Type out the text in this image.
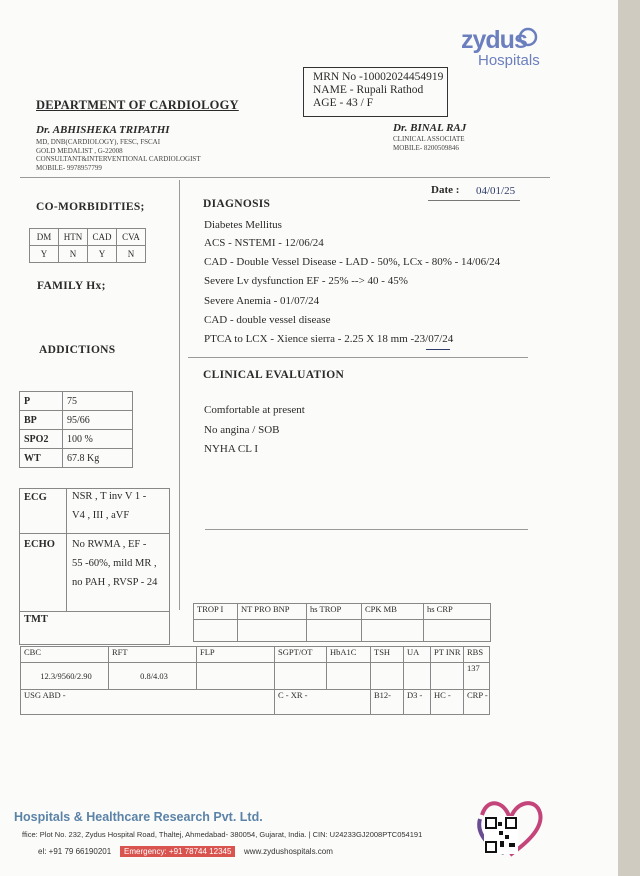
zydus
Hospitals
MRN No -10002024454919
NAME - Rupali Rathod
AGE - 43 / F
DEPARTMENT OF CARDIOLOGY
Dr. ABHISHEKA TRIPATHI
MD, DNB(CARDIOLOGY), FESC, FSCAI
GOLD MEDALIST , G-22008
CONSULTANT&INTERVENTIONAL CARDIOLOGIST
MOBILE- 9978957799
Dr. BINAL RAJ
CLINICAL ASSOCIATE
MOBILE- 8200509846
Date : 04/01/25
CO-MORBIDITIES;
DM	HTN	CAD	CVA
Y	N	Y	N
FAMILY Hx;
ADDICTIONS
P	75
BP	95/66
SPO2	100 %
WT	67.8 Kg
ECG NSR , T inv V 1 -
V4 , III , aVF
ECHO No RWMA , EF -
55 -60%, mild MR ,
no PAH , RVSP - 24
TMT
DIAGNOSIS
Diabetes Mellitus
ACS - NSTEMI - 12/06/24
CAD - Double Vessel Disease - LAD - 50%, LCx - 80% - 14/06/24
Severe Lv dysfunction EF - 25% --> 40 - 45%
Severe Anemia - 01/07/24
CAD - double vessel disease
PTCA to LCX - Xience sierra - 2.25 X 18 mm -23/07/24
CLINICAL EVALUATION
Comfortable at present
No angina / SOB
NYHA CL I
TROP I	NT PRO BNP	hs TROP	CPK MB	hs CRP

CBC	RFT	FLP	SGPT/OT	HbA1C	TSH	UA	PT INR	RBS
12.3/9560/2.90	0.8/4.03							137
USG ABD -			C - XR -		B12-	D3 -	HC -	CRP -
Hospitals & Healthcare Research Pvt. Ltd.
ffice: Plot No. 232, Zydus Hospital Road, Thaltej, Ahmedabad- 380054, Gujarat, India. | CIN: U24233GJ2008PTC054191
el: +91 79 66190201	Emergency: +91 78744 12345	www.zydushospitals.com
